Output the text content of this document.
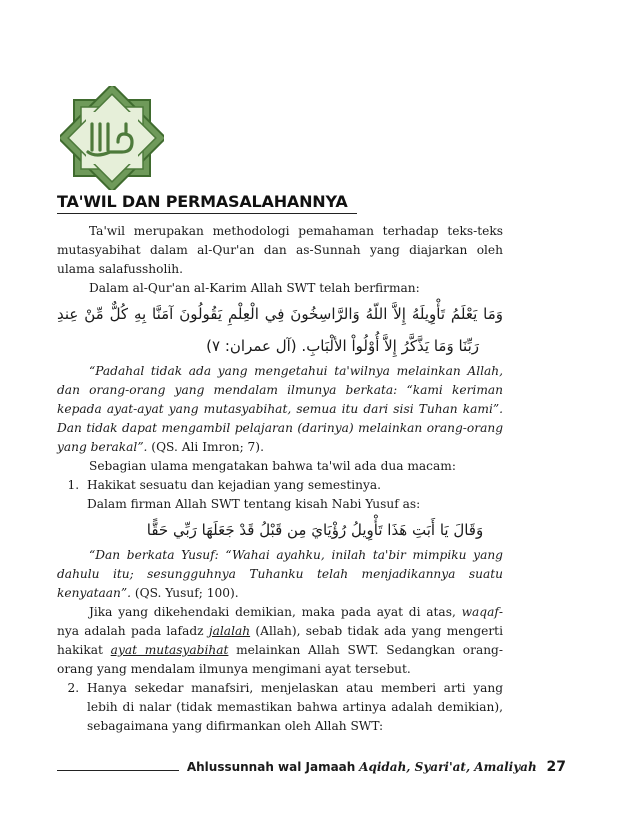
TA'WIL DAN PERMASALAHANNYA

Ta'wil merupakan methodologi pemahaman terhadap teks-teks mutasyabihat dalam al-Qur'an dan as-Sunnah yang diajarkan oleh ulama salafussholih.

Dalam al-Qur'an al-Karim Allah SWT telah berfirman:

وَمَا يَعْلَمُ تَأْوِيلَهُ إِلاَّ اللّهُ وَالرَّاسِخُونَ فِي الْعِلْمِ يَقُولُونَ آمَنَّا بِهِ كُلٌّ مِّنْ عِندِ

رَبِّنَا وَمَا يَذَّكَّرُ إِلاَّ أُوْلُواْ الألْبَابِ. (آل عمران: ٧)

“Padahal tidak ada yang mengetahui ta'wilnya melainkan Allah, dan orang-orang yang mendalam ilmunya berkata: “kami keriman kepada ayat-ayat yang mutasyabihat, semua itu dari sisi Tuhan kami”. Dan tidak dapat mengambil pelajaran (darinya) melainkan orang-orang yang berakal”. (QS. Ali Imron; 7).

Sebagian ulama mengatakan bahwa ta'wil ada dua macam:

1. Hakikat sesuatu dan kejadian yang semestinya.
Dalam firman Allah SWT tentang kisah Nabi Yusuf as:
وَقَالَ يَا أَبَتِ هَذَا تَأْوِيلُ رُؤْيَايَ مِن قَبْلُ قَدْ جَعَلَهَا رَبِّي حَقًّا

“Dan berkata Yusuf: “Wahai ayahku, inilah ta'bir mimpiku yang dahulu itu; sesungguhnya Tuhanku telah menjadikannya suatu kenyataan”. (QS. Yusuf; 100).

Jika yang dikehendaki demikian, maka pada ayat di atas, waqaf-nya adalah pada lafadz jalalah (Allah), sebab tidak ada yang mengerti hakikat ayat mutasyabihat melainkan Allah SWT. Sedangkan orang-orang yang mendalam ilmunya mengimani ayat tersebut.

2. Hanya sekedar manafsiri, menjelaskan atau memberi arti yang lebih di nalar (tidak memastikan bahwa artinya adalah demikian), sebagaimana yang difirmankan oleh Allah SWT:
Ahlussunnah wal Jamaah Aqidah, Syari'at, Amaliyah 27
